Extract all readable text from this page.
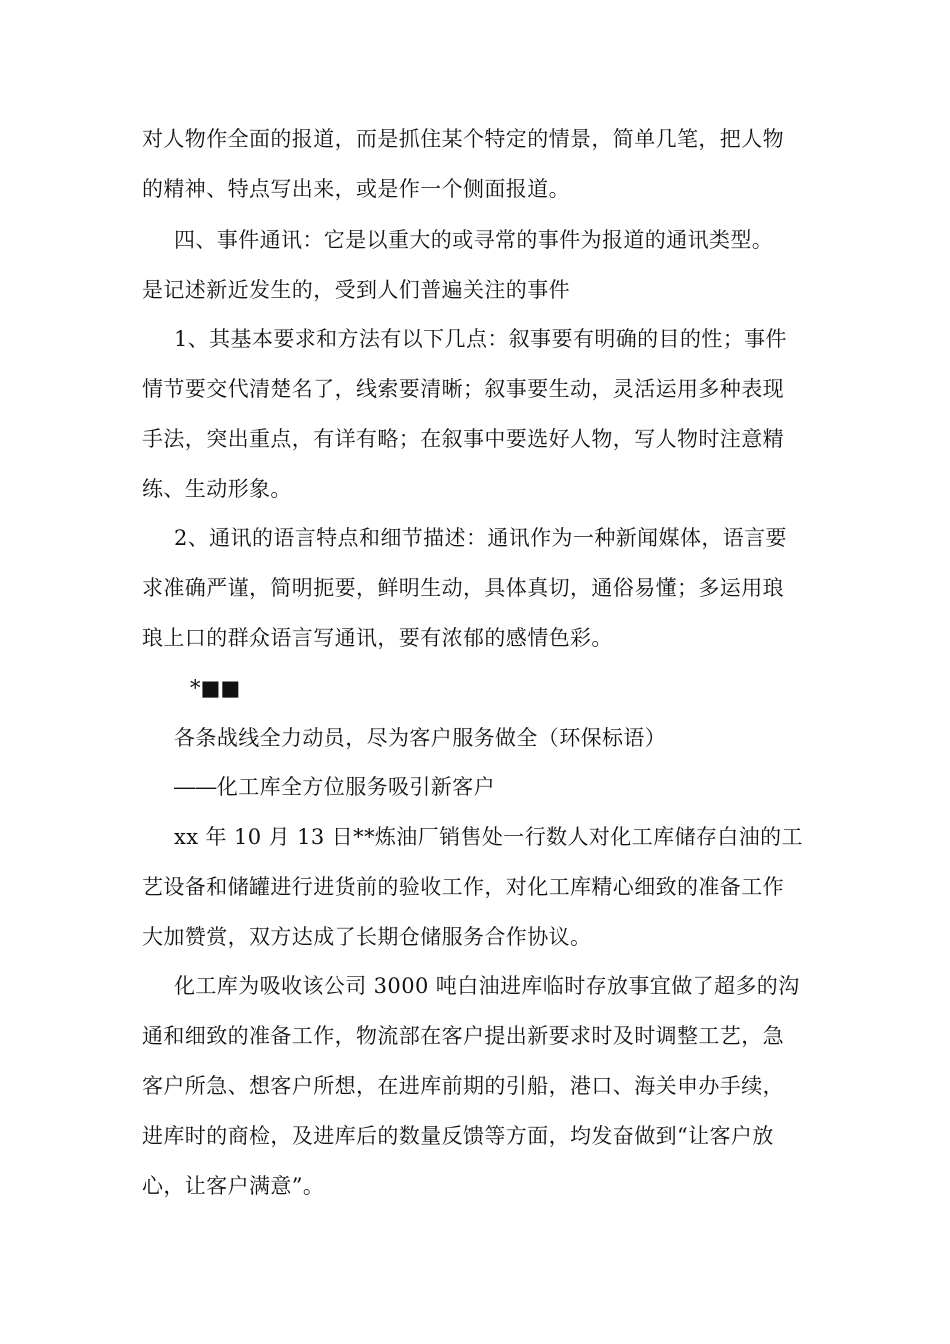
对人物作全面的报道，而是抓住某个特定的情景，简单几笔，把人物
的精神、特点写出来，或是作一个侧面报道。
四、事件通讯：它是以重大的或寻常的事件为报道的通讯类型。
是记述新近发生的，受到人们普遍关注的事件
1、其基本要求和方法有以下几点：叙事要有明确的目的性；事件
情节要交代清楚名了，线索要清晰；叙事要生动，灵活运用多种表现
手法，突出重点，有详有略；在叙事中要选好人物，写人物时注意精
练、生动形象。
2、通讯的语言特点和细节描述：通讯作为一种新闻媒体，语言要
求准确严谨，简明扼要，鲜明生动，具体真切，通俗易懂；多运用琅
琅上口的群众语言写通讯，要有浓郁的感情色彩。
*■■
各条战线全力动员，尽为客户服务做全（环保标语）
――化工库全方位服务吸引新客户
xx 年 10 月 13 日**炼油厂销售处一行数人对化工库储存白油的工
艺设备和储罐进行进货前的验收工作，对化工库精心细致的准备工作
大加赞赏，双方达成了长期仓储服务合作协议。
化工库为吸收该公司 3000 吨白油进库临时存放事宜做了超多的沟
通和细致的准备工作，物流部在客户提出新要求时及时调整工艺，急
客户所急、想客户所想，在进库前期的引船，港口、海关申办手续，
进库时的商检，及进库后的数量反馈等方面，均发奋做到“让客户放
心，让客户满意”。
